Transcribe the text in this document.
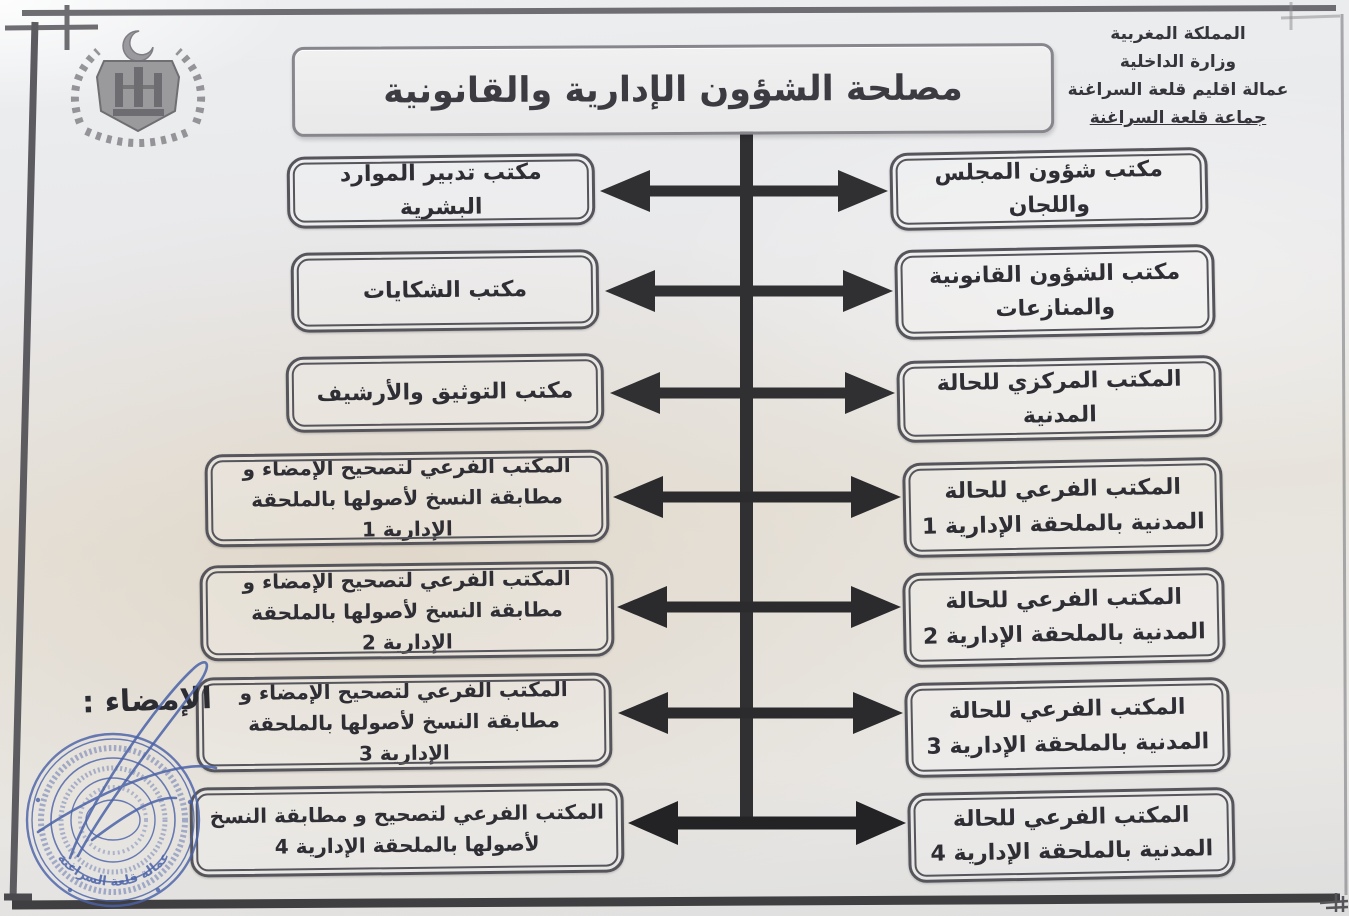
المملكة المغربية
وزارة الداخلية
عمالة اقليم قلعة السراغنة
جماعة قلعة السراغنة
مصلحة الشؤون الإدارية والقانونية
مكتب تدبير الموارد البشرية
مكتب الشكايات
مكتب التوثيق والأرشيف
المكتب الفرعي لتصحيح الإمضاء و مطابقة النسخ لأصولها بالملحقة الإدارية 1
المكتب الفرعي لتصحيح الإمضاء و مطابقة النسخ لأصولها بالملحقة الإدارية 2
المكتب الفرعي لتصحيح الإمضاء و مطابقة النسخ لأصولها بالملحقة الإدارية 3
المكتب الفرعي لتصحيح و مطابقة النسخ لأصولها بالملحقة الإدارية 4
مكتب شؤون المجلس واللجان
مكتب الشؤون القانونية والمنازعات
المكتب المركزي للحالة المدنية
المكتب الفرعي للحالة المدنية بالملحقة الإدارية 1
المكتب الفرعي للحالة المدنية بالملحقة الإدارية 2
المكتب الفرعي للحالة المدنية بالملحقة الإدارية 3
المكتب الفرعي للحالة المدنية بالملحقة الإدارية 4
الإمضاء :
عمالة قلعة السراغنة
